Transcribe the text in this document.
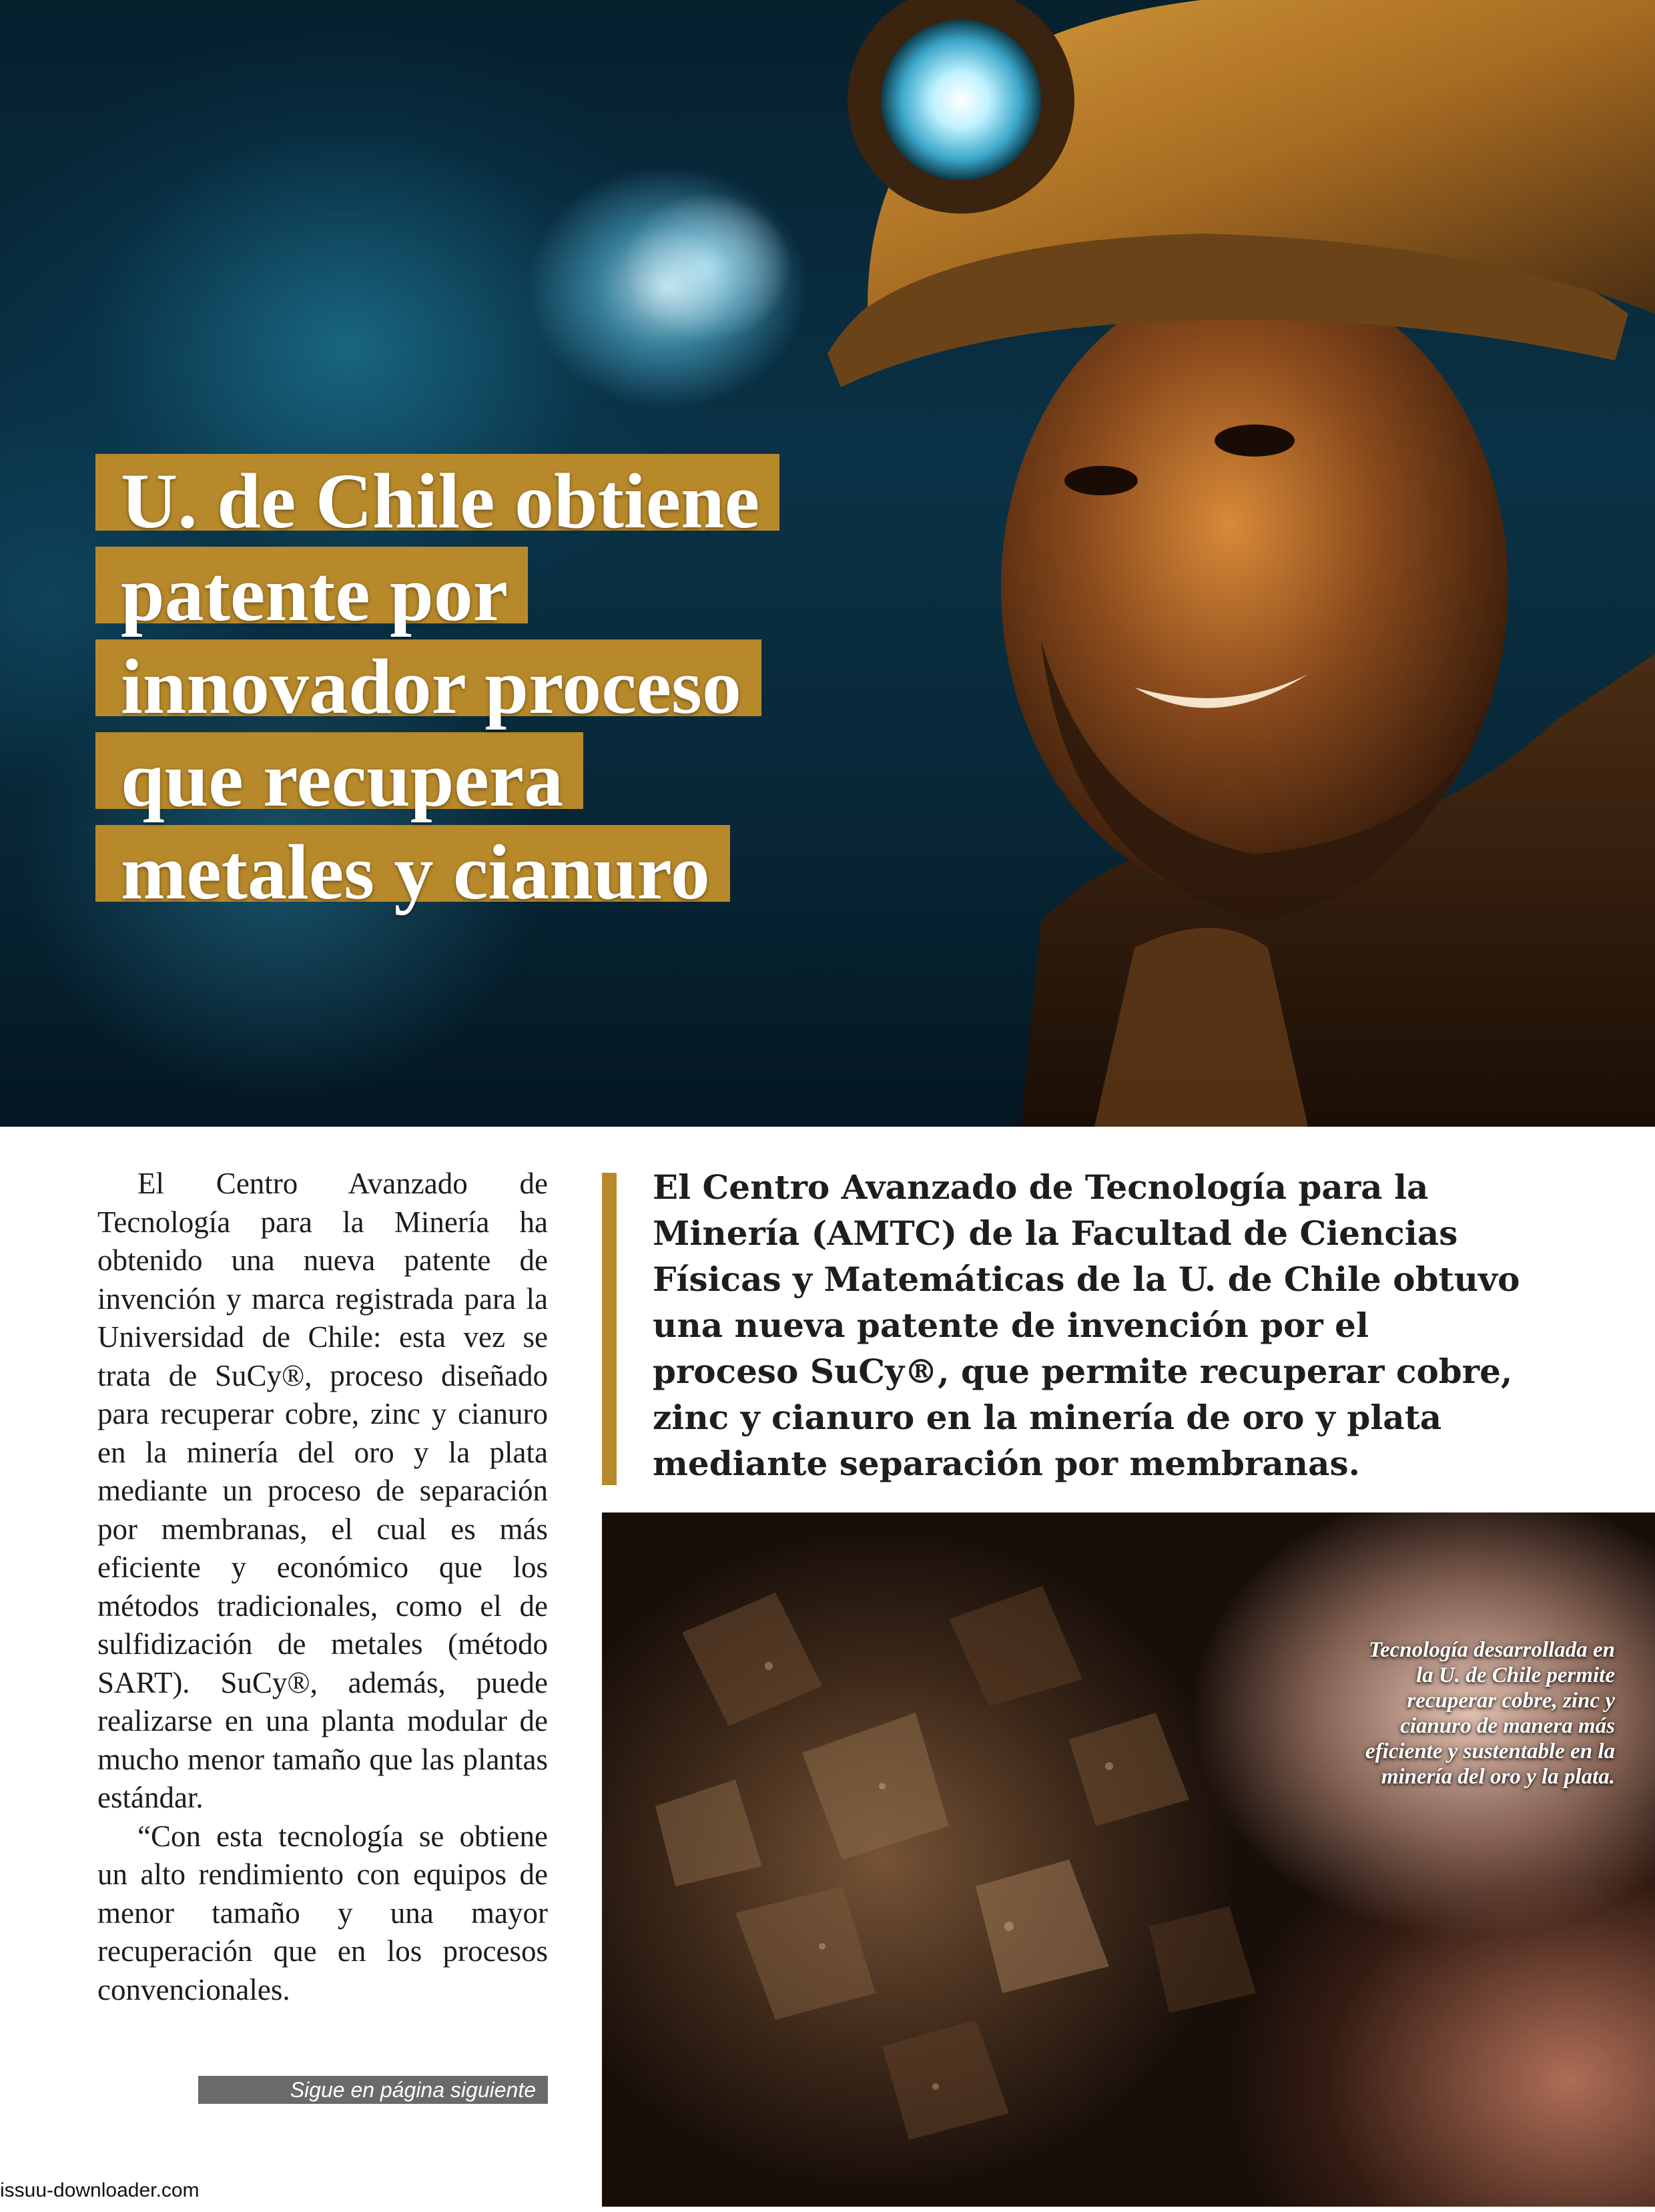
U. de Chile obtiene
patente por
innovador proceso
que recupera
metales y cianuro

El Centro Avanzado de Tecnología para la Minería ha obtenido una nueva patente de invención y marca registrada para la Universidad de Chile: esta vez se trata de SuCy®, proceso diseñado para recuperar cobre, zinc y cianuro en la minería del oro y la plata mediante un proceso de separación por membranas, el cual es más eficiente y económico que los métodos tradicionales, como el de sulfidización de metales (método SART). SuCy®, además, puede realizarse en una planta modular de mucho menor tamaño que las plantas estándar.

“Con esta tecnología se obtiene un alto rendimiento con equipos de menor tamaño y una mayor recuperación que en los procesos convencionales.

Sigue en página siguiente

El Centro Avanzado de Tecnología para la Minería (AMTC) de la Facultad de Ciencias Físicas y Matemáticas de la U. de Chile obtuvo una nueva patente de invención por el proceso SuCy®, que permite recuperar cobre, zinc y cianuro en la minería de oro y plata mediante separación por membranas.

Tecnología desarrollada en la U. de Chile permite recuperar cobre, zinc y cianuro de manera más eficiente y sustentable en la minería del oro y la plata.

issuu-downloader.com
